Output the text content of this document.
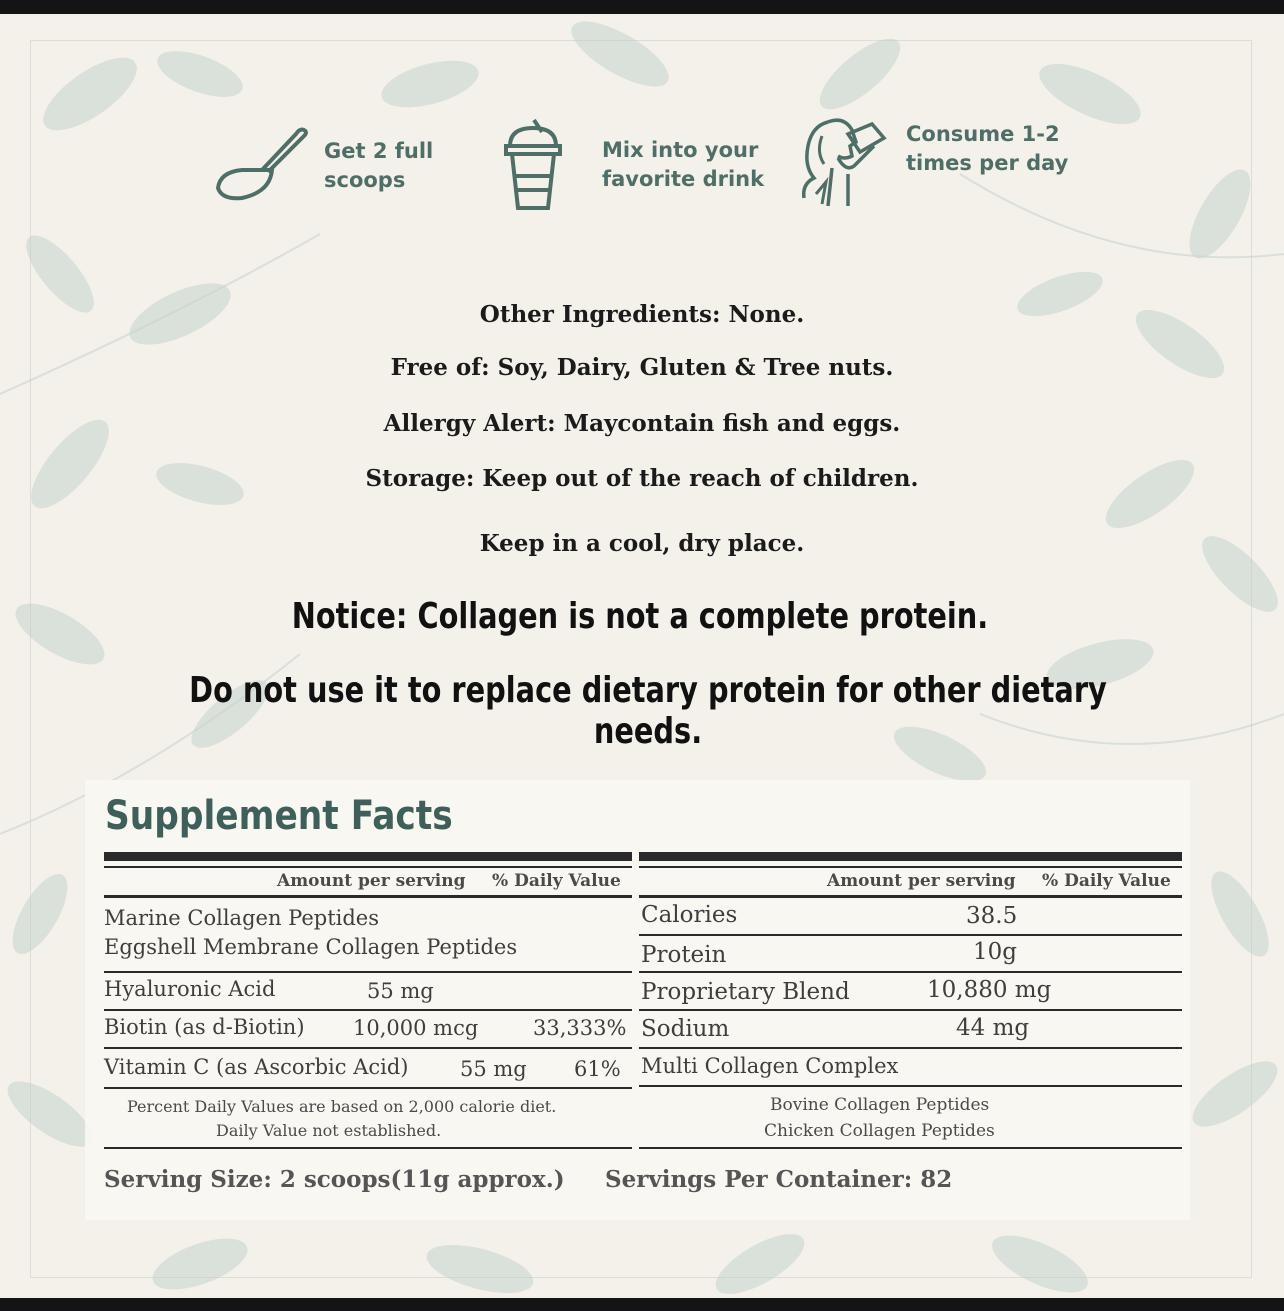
Get 2 full
scoops
Mix into your
favorite drink
Consume 1-2
times per day
Other Ingredients: None.
Free of: Soy, Dairy, Gluten & Tree nuts.
Allergy Alert: Maycontain fish and eggs.
Storage: Keep out of the reach of children.
Keep in a cool, dry place.
Notice: Collagen is not a complete protein.
Do not use it to replace dietary protein for other dietary needs.
Supplement Facts
Amount per serving % Daily Value
Marine Collagen Peptides
Eggshell Membrane Collagen Peptides
Hyaluronic Acid	55 mg
Biotin (as d-Biotin) 10,000 mcg	33,333%
Vitamin C (as Ascorbic Acid) 55 mg 61%
Percent Daily Values are based on 2,000 calorie diet.
Daily Value not established.
Amount per serving % Daily Value
Calories	38.5
Protein	10g
Proprietary Blend	10,880 mg
Sodium	44 mg
Multi Collagen Complex
Bovine Collagen Peptides
Chicken Collagen Peptides
Serving Size: 2 scoops(11g approx.) Servings Per Container: 82
